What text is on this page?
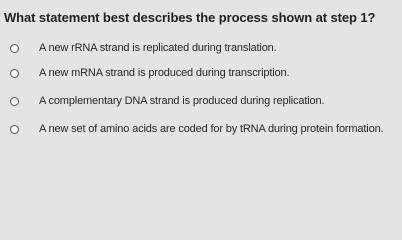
What statement best describes the process shown at step 1?
A new rRNA strand is replicated during translation.
A new mRNA strand is produced during transcription.
A complementary DNA strand is produced during replication.
A new set of amino acids are coded for by tRNA during protein formation.
